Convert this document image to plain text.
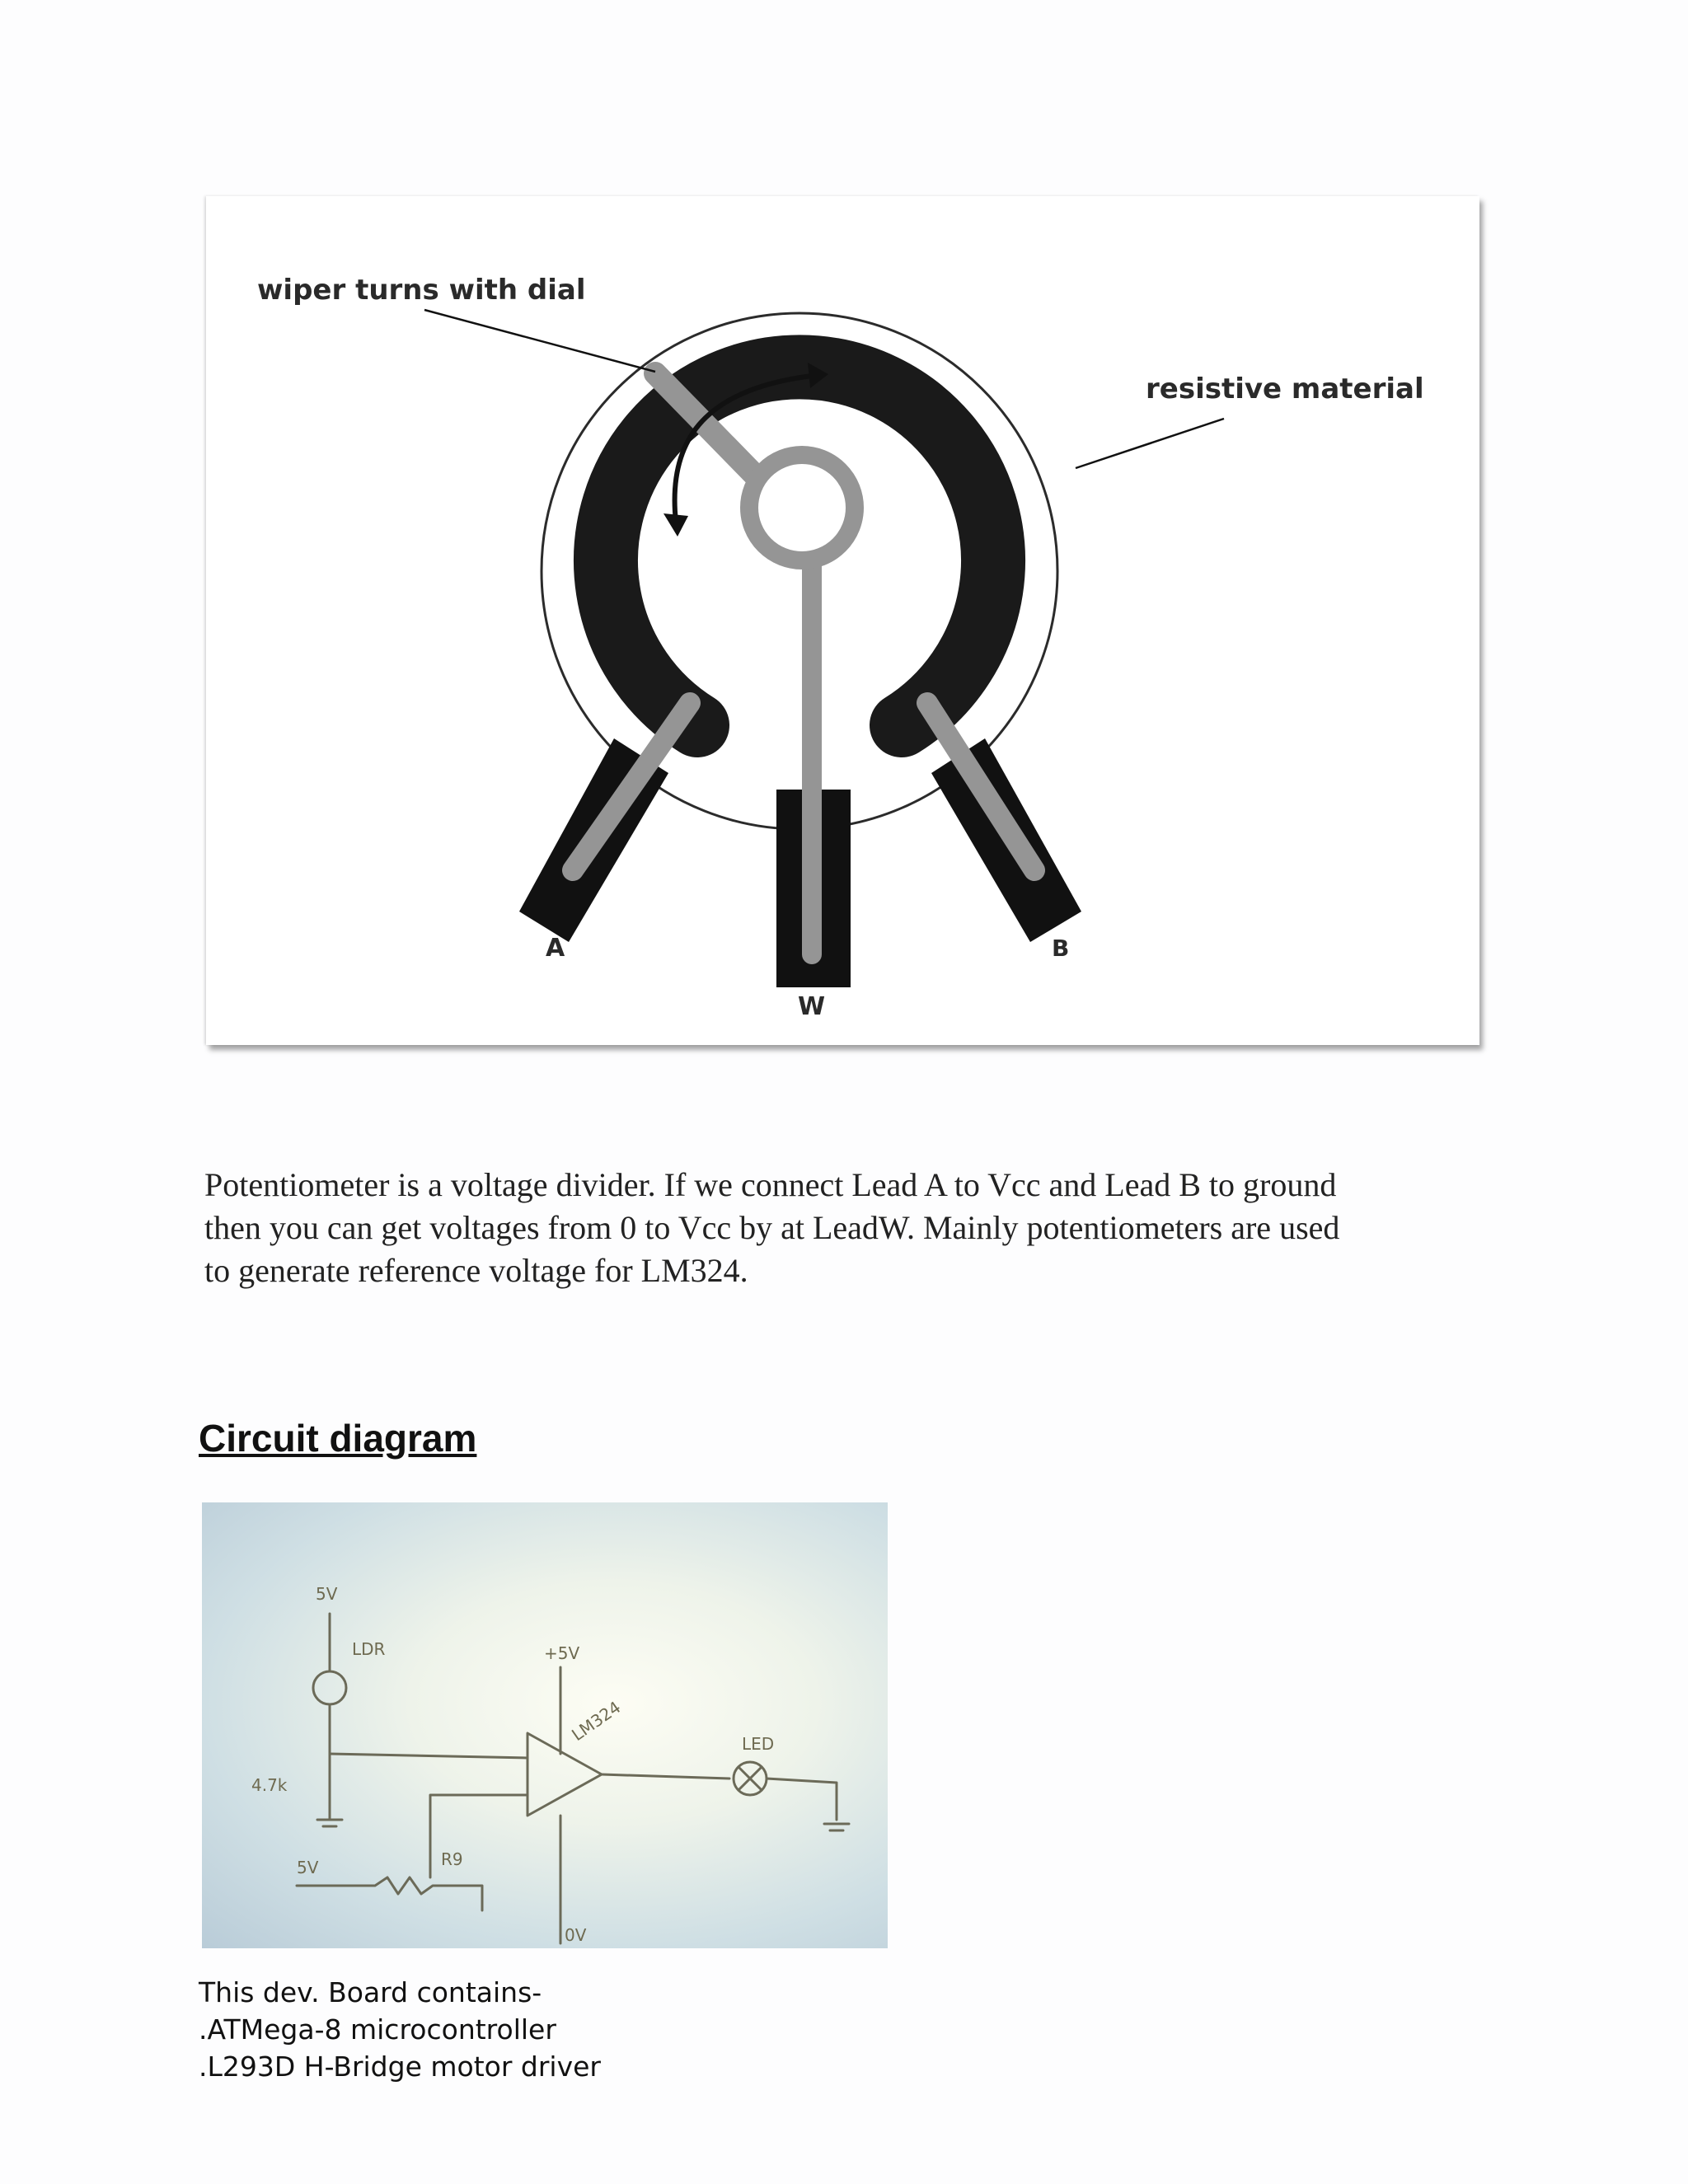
wiper turns with dial
resistive material
A
W
B
Potentiometer is a voltage divider. If we connect Lead A to Vcc and Lead B to ground
then you can get voltages from 0 to Vcc by at LeadW. Mainly potentiometers are used
to generate reference voltage for LM324.
Circuit diagram
5V
LDR	+5V
LM324	LED
4.7k
5V	R9
0V
This dev. Board contains-
.ATMega-8 microcontroller
.L293D H-Bridge motor driver
